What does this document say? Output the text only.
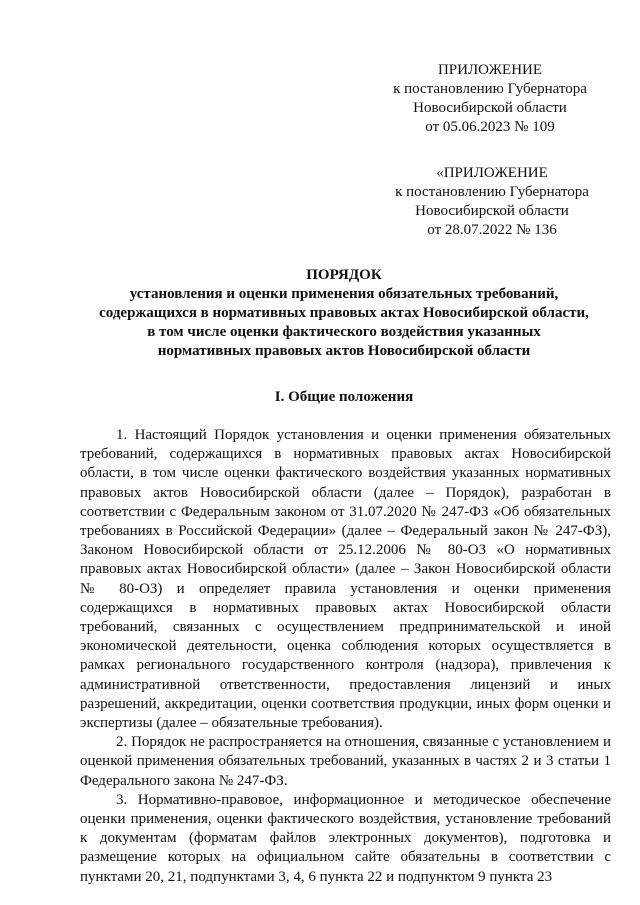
ПРИЛОЖЕНИЕ
к постановлению Губернатора
Новосибирской области
от 05.06.2023 № 109
«ПРИЛОЖЕНИЕ
к постановлению Губернатора
Новосибирской области
от 28.07.2022 № 136
ПОРЯДОК
установления и оценки применения обязательных требований,
содержащихся в нормативных правовых актах Новосибирской области,
в том числе оценки фактического воздействия указанных
нормативных правовых актов Новосибирской области
I. Общие положения

1. Настоящий Порядок установления и оценки применения обязательных требований, содержащихся в нормативных правовых актах Новосибирской области, в том числе оценки фактического воздействия указанных нормативных правовых актов Новосибирской области (далее – Порядок), разработан в соответствии с Федеральным законом от 31.07.2020 № 247-ФЗ «Об обязательных требованиях в Российской Федерации» (далее – Федеральный закон № 247-ФЗ), Законом Новосибирской области от 25.12.2006 № 80-ОЗ «О нормативных правовых актах Новосибирской области» (далее – Закон Новосибирской области № 80-ОЗ) и определяет правила установления и оценки применения содержащихся в нормативных правовых актах Новосибирской области требований, связанных с осуществлением предпринимательской и иной экономической деятельности, оценка соблюдения которых осуществляется в рамках регионального государственного контроля (надзора), привлечения к административной ответственности, предоставления лицензий и иных разрешений, аккредитации, оценки соответствия продукции, иных форм оценки и экспертизы (далее – обязательные требования).

2. Порядок не распространяется на отношения, связанные с установлением и оценкой применения обязательных требований, указанных в частях 2 и 3 статьи 1 Федерального закона № 247-ФЗ.

3. Нормативно-правовое, информационное и методическое обеспечение оценки применения, оценки фактического воздействия, установление требований к документам (форматам файлов электронных документов), подготовка и размещение которых на официальном сайте обязательны в соответствии с пунктами 20, 21, подпунктами 3, 4, 6 пункта 22 и подпунктом 9 пункта 23
